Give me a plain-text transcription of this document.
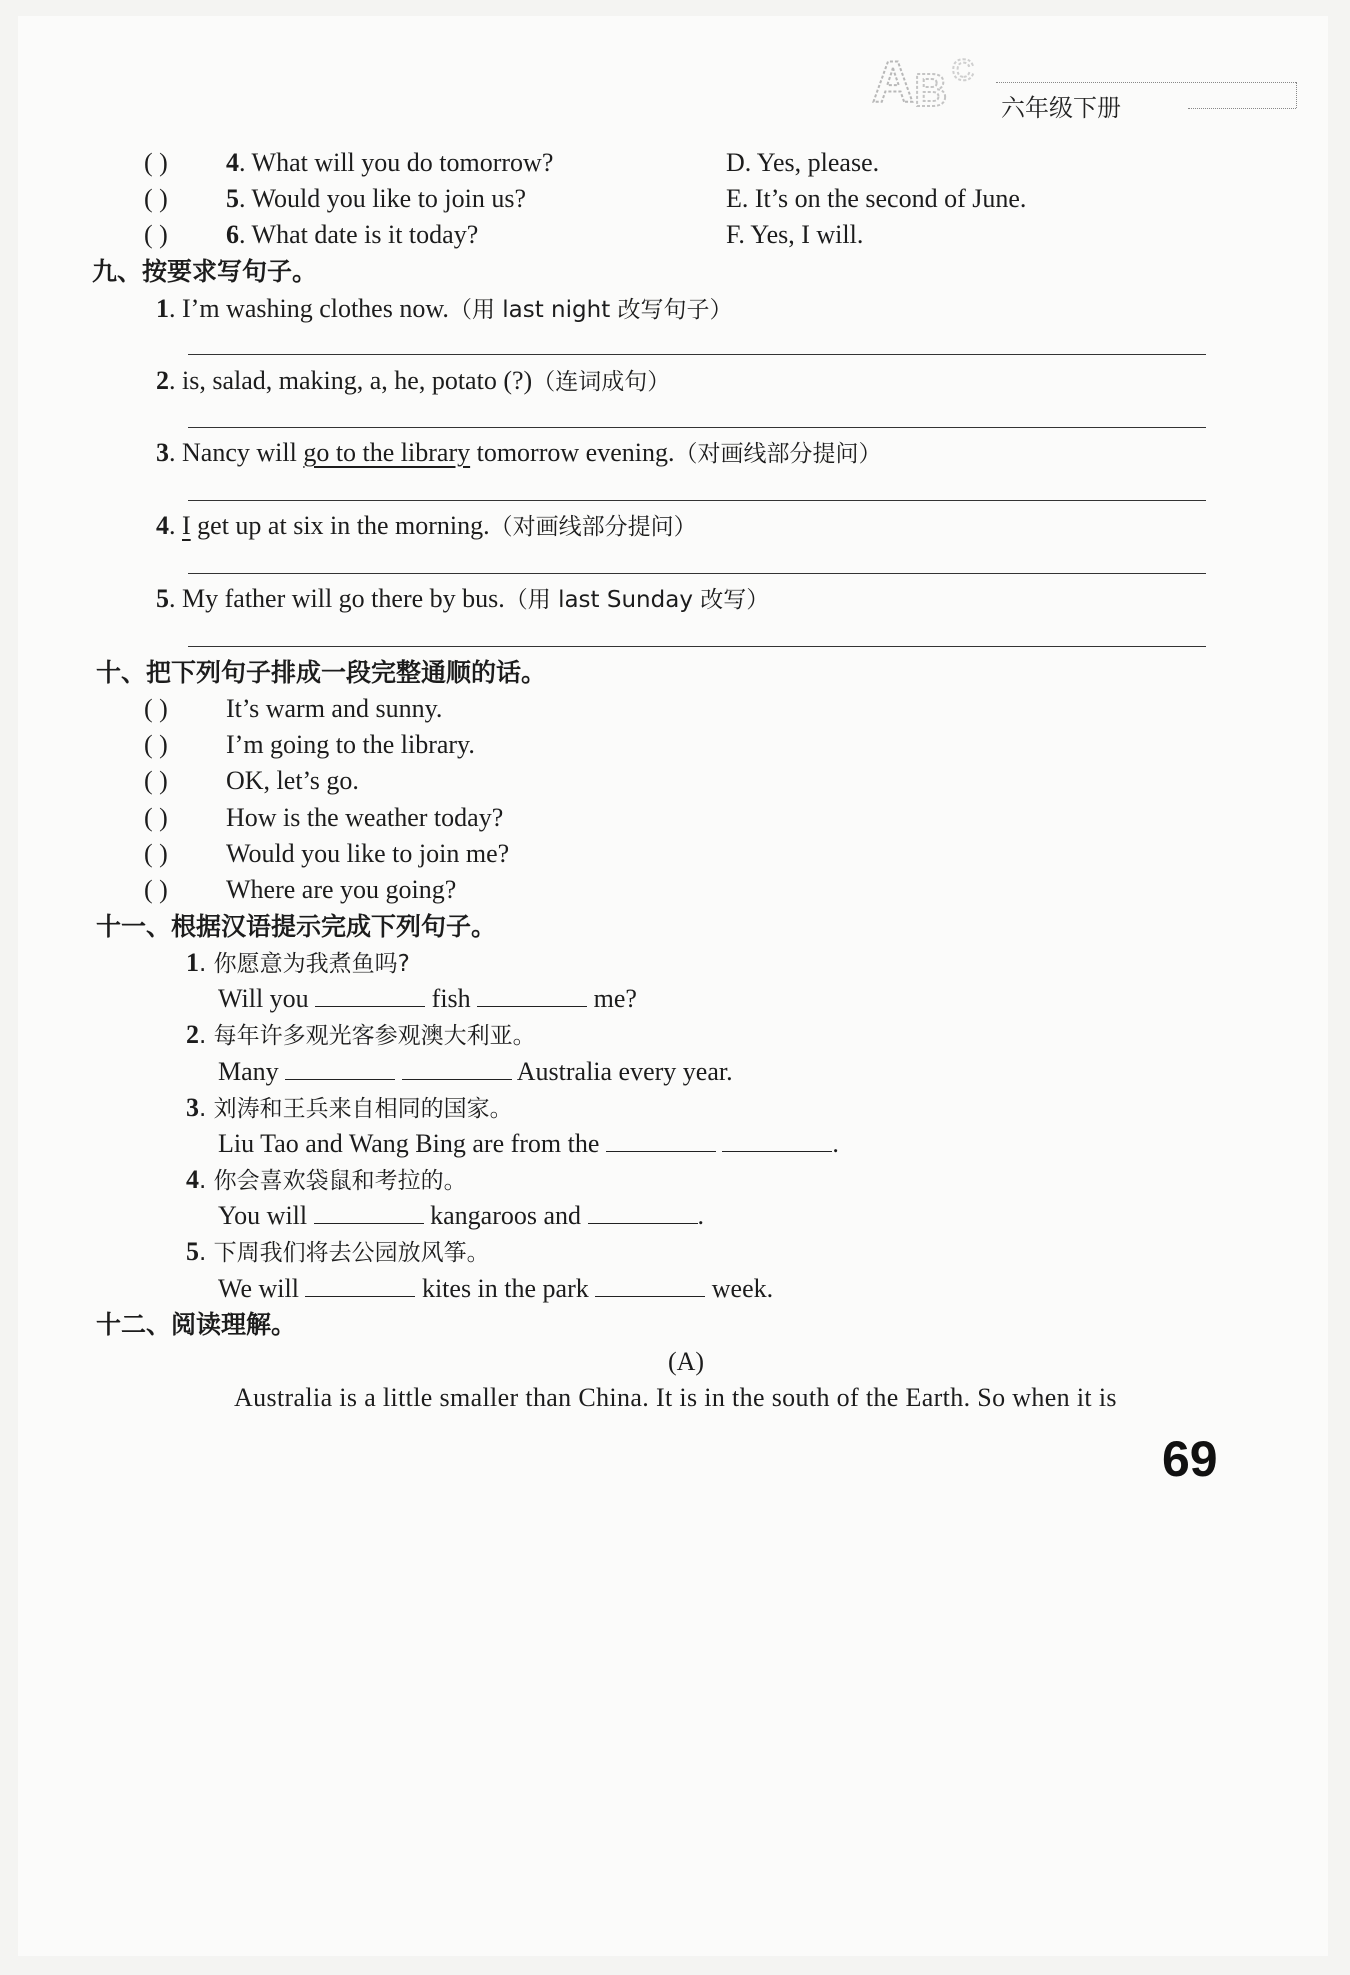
A B C
六年级下册
( ) 4. What will you do tomorrow?	D. Yes, please.
( ) 5. Would you like to join us?	E. It’s on the second of June.
( ) 6. What date is it today?	F. Yes, I will.
九、按要求写句子。
1. I’m washing clothes now.（用 last night 改写句子）
2. is, salad, making, a, he, potato (?)（连词成句）
3. Nancy will go to the library tomorrow evening.（对画线部分提问）
4. I get up at six in the morning.（对画线部分提问）
5. My father will go there by bus.（用 last Sunday 改写）
十、把下列句子排成一段完整通顺的话。
( ) It’s warm and sunny.
( ) I’m going to the library.
( ) OK, let’s go.
( ) How is the weather today?
( ) Would you like to join me?
( ) Where are you going?
十一、根据汉语提示完成下列句子。
1. 你愿意为我煮鱼吗?
Will you	fish	me?
2. 每年许多观光客参观澳大利亚。
Many	Australia every year.
3. 刘涛和王兵来自相同的国家。
Liu Tao and Wang Bing are from the	.
4. 你会喜欢袋鼠和考拉的。
You will	kangaroos and	.
5. 下周我们将去公园放风筝。
We will	kites in the park	week.
十二、阅读理解。
(A)
Australia is a little smaller than China. It is in the south of the Earth. So when it is
69
